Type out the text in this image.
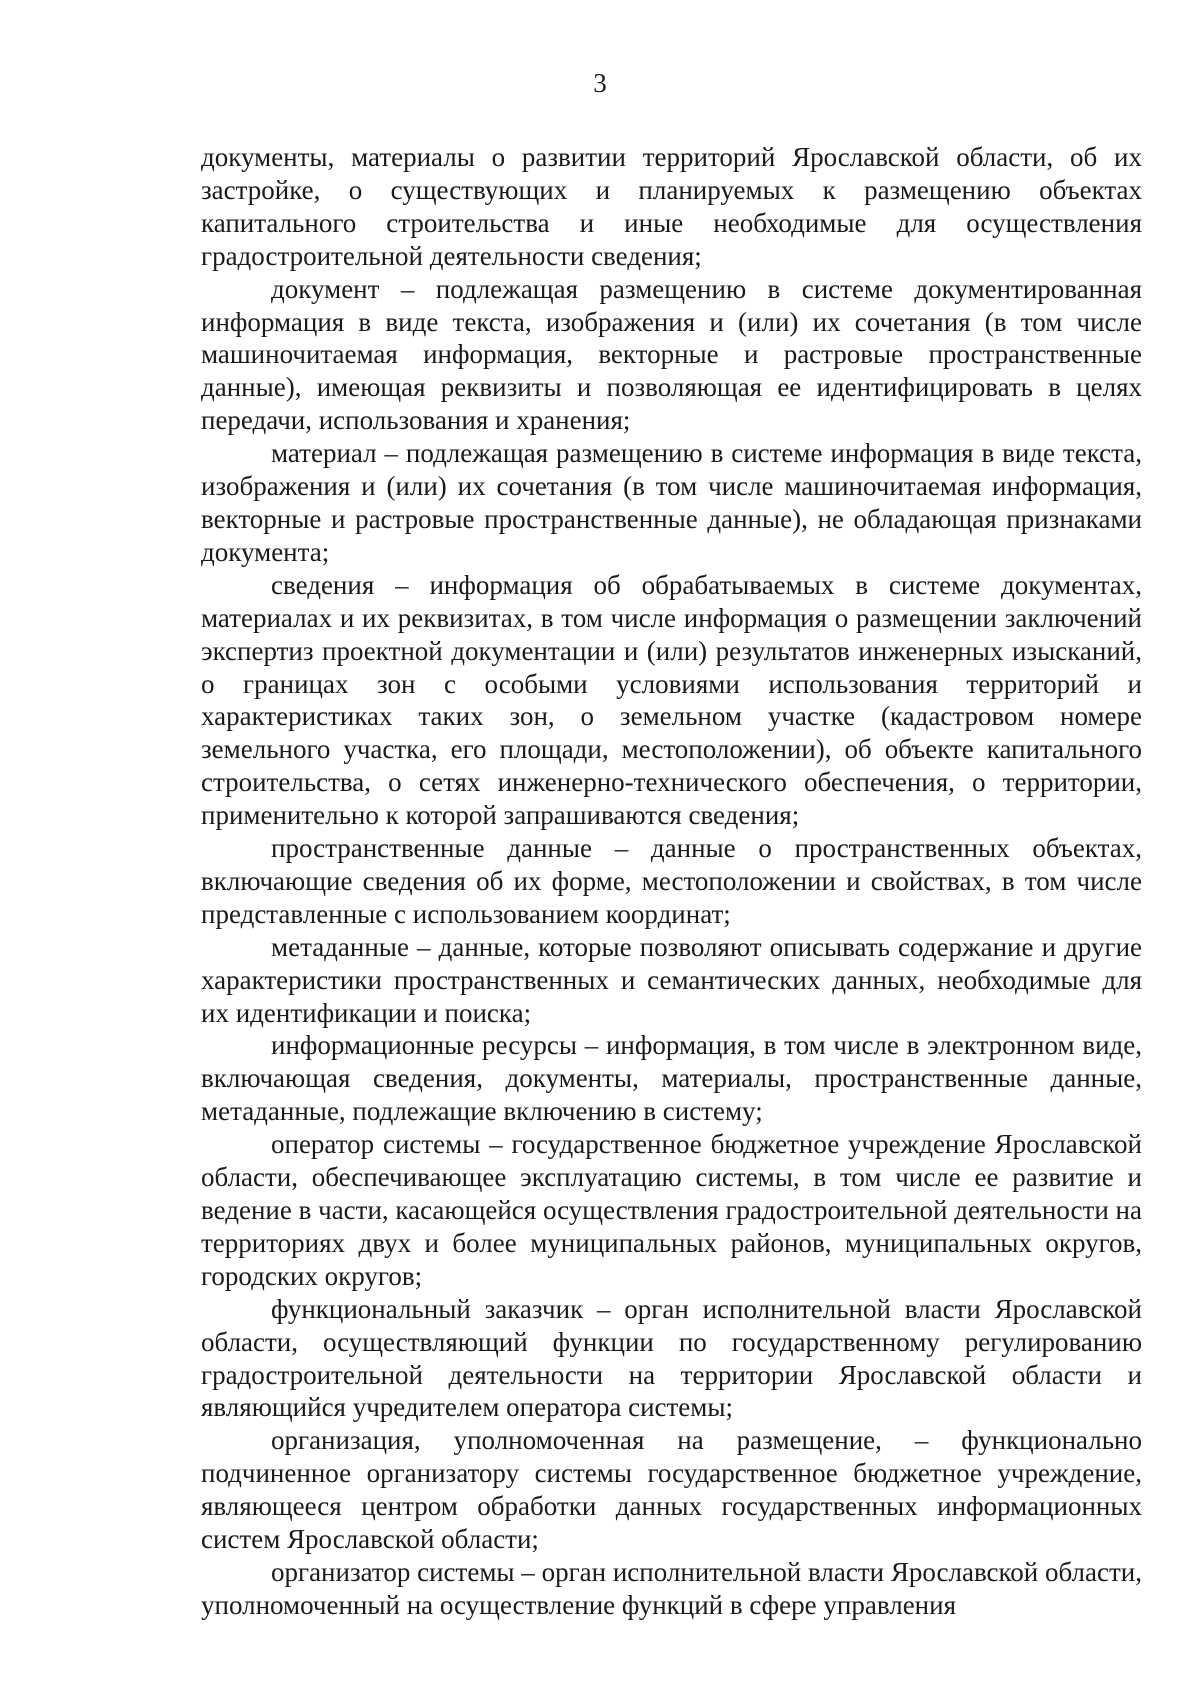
3

документы, материалы о развитии территорий Ярославской области, об их застройке, о существующих и планируемых к размещению объектах капитального строительства и иные необходимые для осуществления градостроительной деятельности сведения;

документ – подлежащая размещению в системе документированная информация в виде текста, изображения и (или) их сочетания (в том числе машиночитаемая информация, векторные и растровые пространственные данные), имеющая реквизиты и позволяющая ее идентифицировать в целях передачи, использования и хранения;

материал – подлежащая размещению в системе информация в виде текста, изображения и (или) их сочетания (в том числе машиночитаемая информация, векторные и растровые пространственные данные), не обладающая признаками документа;

сведения – информация об обрабатываемых в системе документах, материалах и их реквизитах, в том числе информация о размещении заключений экспертиз проектной документации и (или) результатов инженерных изысканий, о границах зон с особыми условиями использования территорий и характеристиках таких зон, о земельном участке (кадастровом номере земельного участка, его площади, местоположении), об объекте капитального строительства, о сетях инженерно-технического обеспечения, о территории, применительно к которой запрашиваются сведения;

пространственные данные – данные о пространственных объектах, включающие сведения об их форме, местоположении и свойствах, в том числе представленные с использованием координат;

метаданные – данные, которые позволяют описывать содержание и другие характеристики пространственных и семантических данных, необходимые для их идентификации и поиска;

информационные ресурсы – информация, в том числе в электронном виде, включающая сведения, документы, материалы, пространственные данные, метаданные, подлежащие включению в систему;

оператор системы – государственное бюджетное учреждение Ярославской области, обеспечивающее эксплуатацию системы, в том числе ее развитие и ведение в части, касающейся осуществления градостроительной деятельности на территориях двух и более муниципальных районов, муниципальных округов, городских округов;

функциональный заказчик – орган исполнительной власти Ярославской области, осуществляющий функции по государственному регулированию градостроительной деятельности на территории Ярославской области и являющийся учредителем оператора системы;

организация, уполномоченная на размещение, – функционально подчиненное организатору системы государственное бюджетное учреждение, являющееся центром обработки данных государственных информационных систем Ярославской области;

организатор системы – орган исполнительной власти Ярославской области, уполномоченный на осуществление функций в сфере управления
